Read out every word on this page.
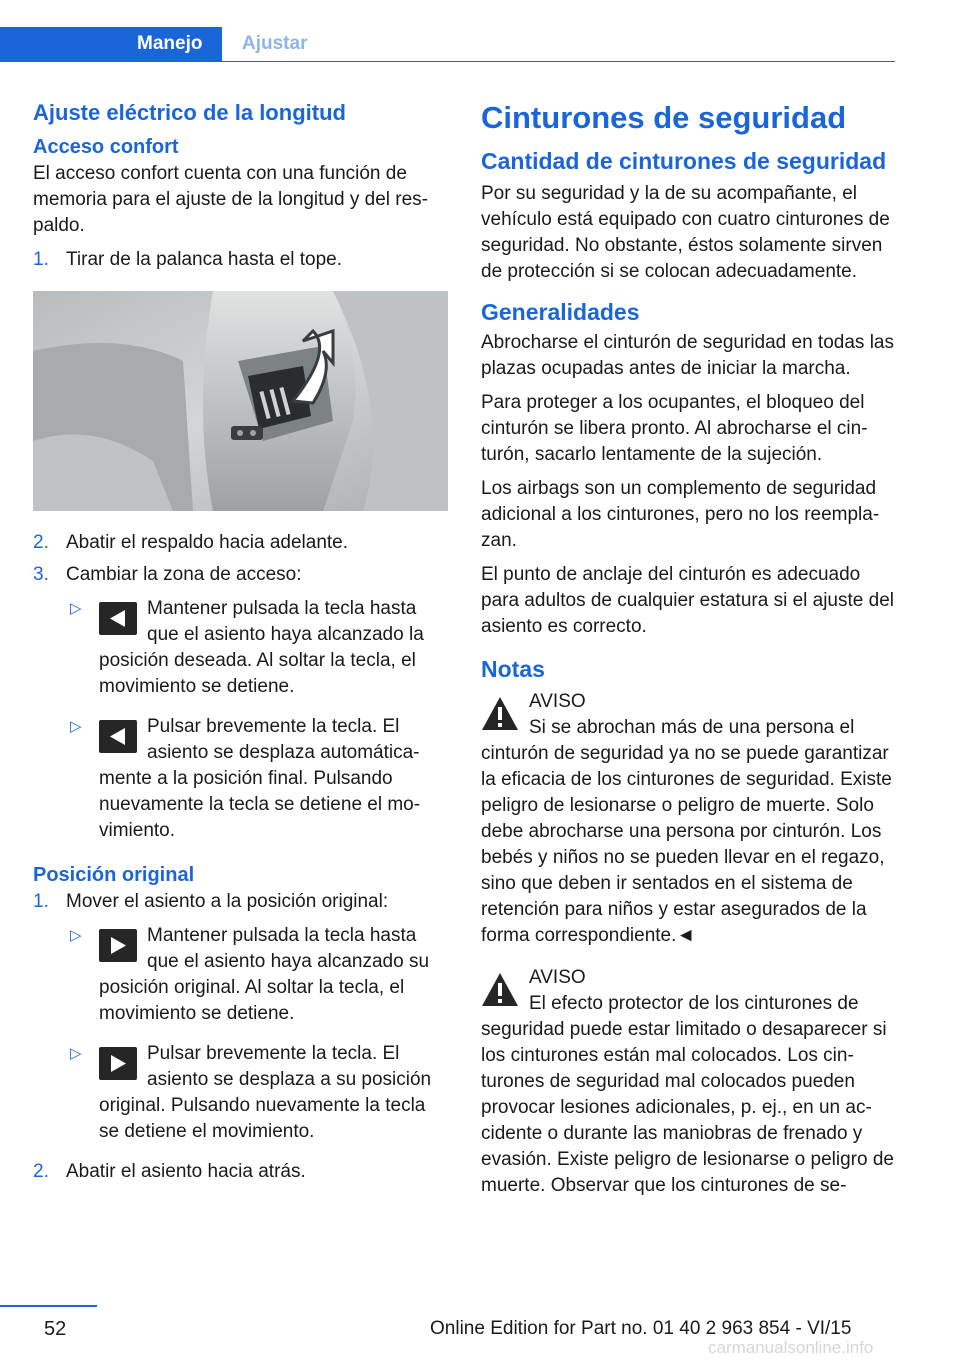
Manejo Ajustar
Ajuste eléctrico de la longitud
Acceso confort

El acceso confort cuenta con una función de memoria para el ajuste de la longitud y del respaldo.

1. Tirar de la palanca hasta el tope.
2. Abatir el respaldo hacia adelante.
3. Cambiar la zona de acceso:
▷	Mantener pulsada la tecla hasta que el asiento haya alcanzado la posición deseada. Al soltar la tecla, el movimiento se detiene.
▷	Pulsar brevemente la tecla. El asiento se desplaza automáticamente a la posición final. Pulsando nuevamente la tecla se detiene el movimiento.
Posición original
1. Mover el asiento a la posición original:
▷	Mantener pulsada la tecla hasta que el asiento haya alcanzado su posición original. Al soltar la tecla, el movimiento se detiene.
▷	Pulsar brevemente la tecla. El asiento se desplaza a su posición original. Pulsando nuevamente la tecla se detiene el movimiento.
2. Abatir el asiento hacia atrás.
Cinturones de seguridad
Cantidad de cinturones de seguridad

Por su seguridad y la de su acompañante, el vehículo está equipado con cuatro cinturones de seguridad. No obstante, éstos solamente sirven de protección si se colocan adecuadamente.

Generalidades

Abrocharse el cinturón de seguridad en todas las plazas ocupadas antes de iniciar la marcha.

Para proteger a los ocupantes, el bloqueo del cinturón se libera pronto. Al abrocharse el cinturón, sacarlo lentamente de la sujeción.

Los airbags son un complemento de seguridad adicional a los cinturones, pero no los reemplazan.

El punto de anclaje del cinturón es adecuado para adultos de cualquier estatura si el ajuste del asiento es correcto.

Notas
AVISO
Si se abrochan más de una persona el cinturón de seguridad ya no se puede garantizar la eficacia de los cinturones de seguridad. Existe peligro de lesionarse o peligro de muerte. Solo debe abrocharse una persona por cinturón. Los bebés y niños no se pueden llevar en el regazo, sino que deben ir sentados en el sistema de retención para niños y estar asegurados de la forma correspondiente.◄
AVISO
El efecto protector de los cinturones de seguridad puede estar limitado o desaparecer si los cinturones están mal colocados. Los cinturones de seguridad mal colocados pueden provocar lesiones adicionales, p. ej., en un accidente o durante las maniobras de frenado y evasión. Existe peligro de lesionarse o peligro de muerte. Observar que los cinturones de se-
52	Online Edition for Part no. 01 40 2 963 854 - VI/15
carmanualsonline.info
